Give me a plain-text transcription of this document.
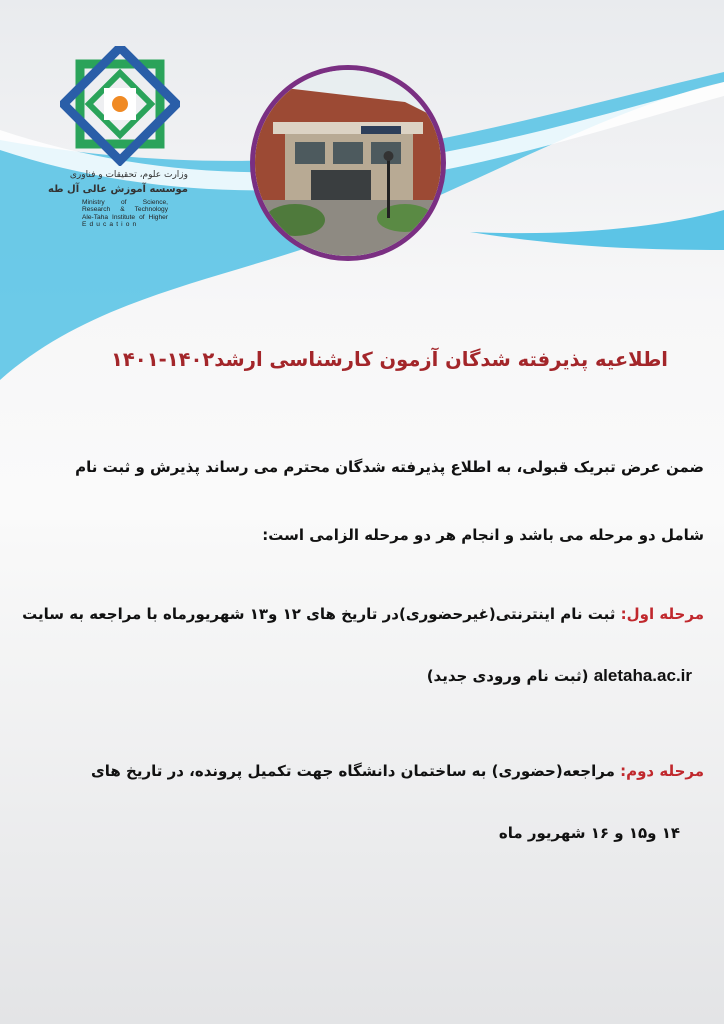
وزارت علوم، تحقیقات و فناوری
موسسه آموزش عالی آل طه
Ministry of Science,
Research & Technology
Ale-Taha Institute of Higher
Education
اطلاعیه پذیرفته شدگان آزمون کارشناسی ارشد۱۴۰۲-۱۴۰۱
ضمن عرض تبریک قبولی، به اطلاع پذیرفته شدگان محترم می رساند پذیرش و ثبت نام
شامل دو مرحله می باشد و انجام هر دو مرحله الزامی است:
مرحله اول: ثبت نام اینترنتی(غیرحضوری)در تاریخ های ۱۲ و۱۳ شهریورماه با مراجعه به سایت
aletaha.ac.ir (ثبت نام ورودی جدید)
مرحله دوم: مراجعه(حضوری) به ساختمان دانشگاه جهت تکمیل پرونده، در تاریخ های
۱۴ و۱۵ و ۱۶ شهریور ماه
